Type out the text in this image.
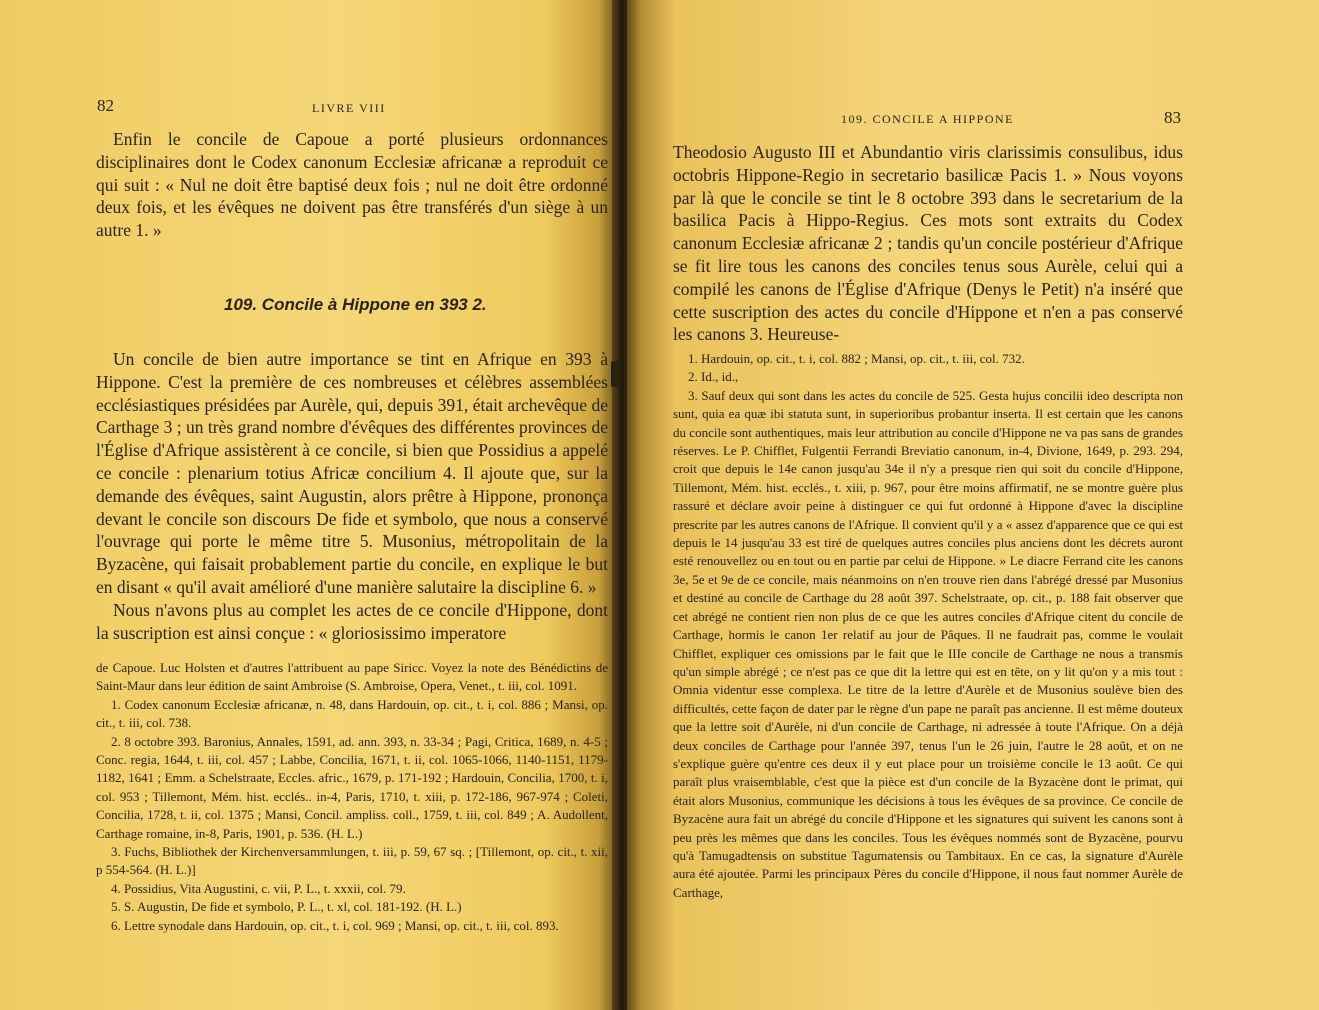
82	LIVRE VIII

Enfin le concile de Capoue a porté plusieurs ordonnances disciplinaires dont le Codex canonum Ecclesiæ africanæ a reproduit ce qui suit : « Nul ne doit être baptisé deux fois ; nul ne doit être ordonné deux fois, et les évêques ne doivent pas être transférés d'un siège à un autre 1. »

109. Concile à Hippone en 393 2.

Un concile de bien autre importance se tint en Afrique en 393 à Hippone. C'est la première de ces nombreuses et célèbres assemblées ecclésiastiques présidées par Aurèle, qui, depuis 391, était archevêque de Carthage 3 ; un très grand nombre d'évêques des différentes provinces de l'Église d'Afrique assistèrent à ce concile, si bien que Possidius a appelé ce concile : plenarium totius Africæ concilium 4. Il ajoute que, sur la demande des évêques, saint Augustin, alors prêtre à Hippone, prononça devant le concile son discours De fide et symbolo, que nous a conservé l'ouvrage qui porte le même titre 5. Musonius, métropolitain de la Byzacène, qui faisait probablement partie du concile, en explique le but en disant « qu'il avait amélioré d'une manière salutaire la discipline 6. »

Nous n'avons plus au complet les actes de ce concile d'Hippone, dont la suscription est ainsi conçue : « gloriosissimo imperatore

de Capoue. Luc Holsten et d'autres l'attribuent au pape Siricc. Voyez la note des Bénédictins de Saint-Maur dans leur édition de saint Ambroise (S. Ambroise, Opera, Venet., t. iii, col. 1091.

1. Codex canonum Ecclesiæ africanæ, n. 48, dans Hardouin, op. cit., t. i, col. 886 ; Mansi, op. cit., t. iii, col. 738.

2. 8 octobre 393. Baronius, Annales, 1591, ad. ann. 393, n. 33-34 ; Pagi, Critica, 1689, n. 4-5 ; Conc. regia, 1644, t. iii, col. 457 ; Labbe, Concilia, 1671, t. ii, col. 1065-1066, 1140-1151, 1179-1182, 1641 ; Emm. a Schelstraate, Eccles. afric., 1679, p. 171-192 ; Hardouin, Concilia, 1700, t. i, col. 953 ; Tillemont, Mém. hist. ecclés.. in-4, Paris, 1710, t. xiii, p. 172-186, 967-974 ; Coleti, Concilia, 1728, t. ii, col. 1375 ; Mansi, Concil. ampliss. coll., 1759, t. iii, col. 849 ; A. Audollent, Carthage romaine, in-8, Paris, 1901, p. 536. (H. L.)

3. Fuchs, Bibliothek der Kirchenversammlungen, t. iii, p. 59, 67 sq. ; [Tillemont, op. cit., t. xii, p 554-564. (H. L.)]

4. Possidius, Vita Augustini, c. vii, P. L., t. xxxii, col. 79.

5. S. Augustin, De fide et symbolo, P. L., t. xl, col. 181-192. (H. L.)

6. Lettre synodale dans Hardouin, op. cit., t. i, col. 969 ; Mansi, op. cit., t. iii, col. 893.

109. CONCILE A HIPPONE	83

Theodosio Augusto III et Abundantio viris clarissimis consulibus, idus octobris Hippone-Regio in secretario basilicæ Pacis 1. » Nous voyons par là que le concile se tint le 8 octobre 393 dans le secretarium de la basilica Pacis à Hippo-Regius. Ces mots sont extraits du Codex canonum Ecclesiæ africanæ 2 ; tandis qu'un concile postérieur d'Afrique se fit lire tous les canons des conciles tenus sous Aurèle, celui qui a compilé les canons de l'Église d'Afrique (Denys le Petit) n'a inséré que cette suscription des actes du concile d'Hippone et n'en a pas conservé les canons 3. Heureuse-

1. Hardouin, op. cit., t. i, col. 882 ; Mansi, op. cit., t. iii, col. 732.

2. Id., id.,

3. Sauf deux qui sont dans les actes du concile de 525. Gesta hujus concilii ideo descripta non sunt, quia ea quæ ibi statuta sunt, in superioribus probantur inserta. Il est certain que les canons du concile sont authentiques, mais leur attribution au concile d'Hippone ne va pas sans de grandes réserves. Le P. Chifflet, Fulgentii Ferrandi Breviatio canonum, in-4, Divione, 1649, p. 293. 294, croit que depuis le 14e canon jusqu'au 34e il n'y a presque rien qui soit du concile d'Hippone, Tillemont, Mém. hist. ecclés., t. xiii, p. 967, pour être moins affirmatif, ne se montre guère plus rassuré et déclare avoir peine à distinguer ce qui fut ordonné à Hippone d'avec la discipline prescrite par les autres canons de l'Afrique. Il convient qu'il y a « assez d'apparence que ce qui est depuis le 14 jusqu'au 33 est tiré de quelques autres conciles plus anciens dont les décrets auront esté renouvellez ou en tout ou en partie par celui de Hippone. » Le diacre Ferrand cite les canons 3e, 5e et 9e de ce concile, mais néanmoins on n'en trouve rien dans l'abrégé dressé par Musonius et destiné au concile de Carthage du 28 août 397. Schelstraate, op. cit., p. 188 fait observer que cet abrégé ne contient rien non plus de ce que les autres conciles d'Afrique citent du concile de Carthage, hormis le canon 1er relatif au jour de Pâques. Il ne faudrait pas, comme le voulait Chifflet, expliquer ces omissions par le fait que le IIIe concile de Carthage ne nous a transmis qu'un simple abrégé ; ce n'est pas ce que dit la lettre qui est en tête, on y lit qu'on y a mis tout : Omnia videntur esse complexa. Le titre de la lettre d'Aurèle et de Musonius soulève bien des difficultés, cette façon de dater par le règne d'un pape ne paraît pas ancienne. Il est même douteux que la lettre soit d'Aurèle, ni d'un concile de Carthage, ni adressée à toute l'Afrique. On a déjà deux conciles de Carthage pour l'année 397, tenus l'un le 26 juin, l'autre le 28 août, et on ne s'explique guère qu'entre ces deux il y eut place pour un troisième concile le 13 août. Ce qui paraît plus vraisemblable, c'est que la pièce est d'un concile de la Byzacène dont le primat, qui était alors Musonius, communique les décisions à tous les évêques de sa province. Ce concile de Byzacène aura fait un abrégé du concile d'Hippone et les signatures qui suivent les canons sont à peu près les mêmes que dans les conciles. Tous les évêques nommés sont de Byzacène, pourvu qu'à Tamugadtensis on substitue Tagumatensis ou Tambitaux. En ce cas, la signature d'Aurèle aura été ajoutée. Parmi les principaux Pères du concile d'Hippone, il nous faut nommer Aurèle de Carthage,
